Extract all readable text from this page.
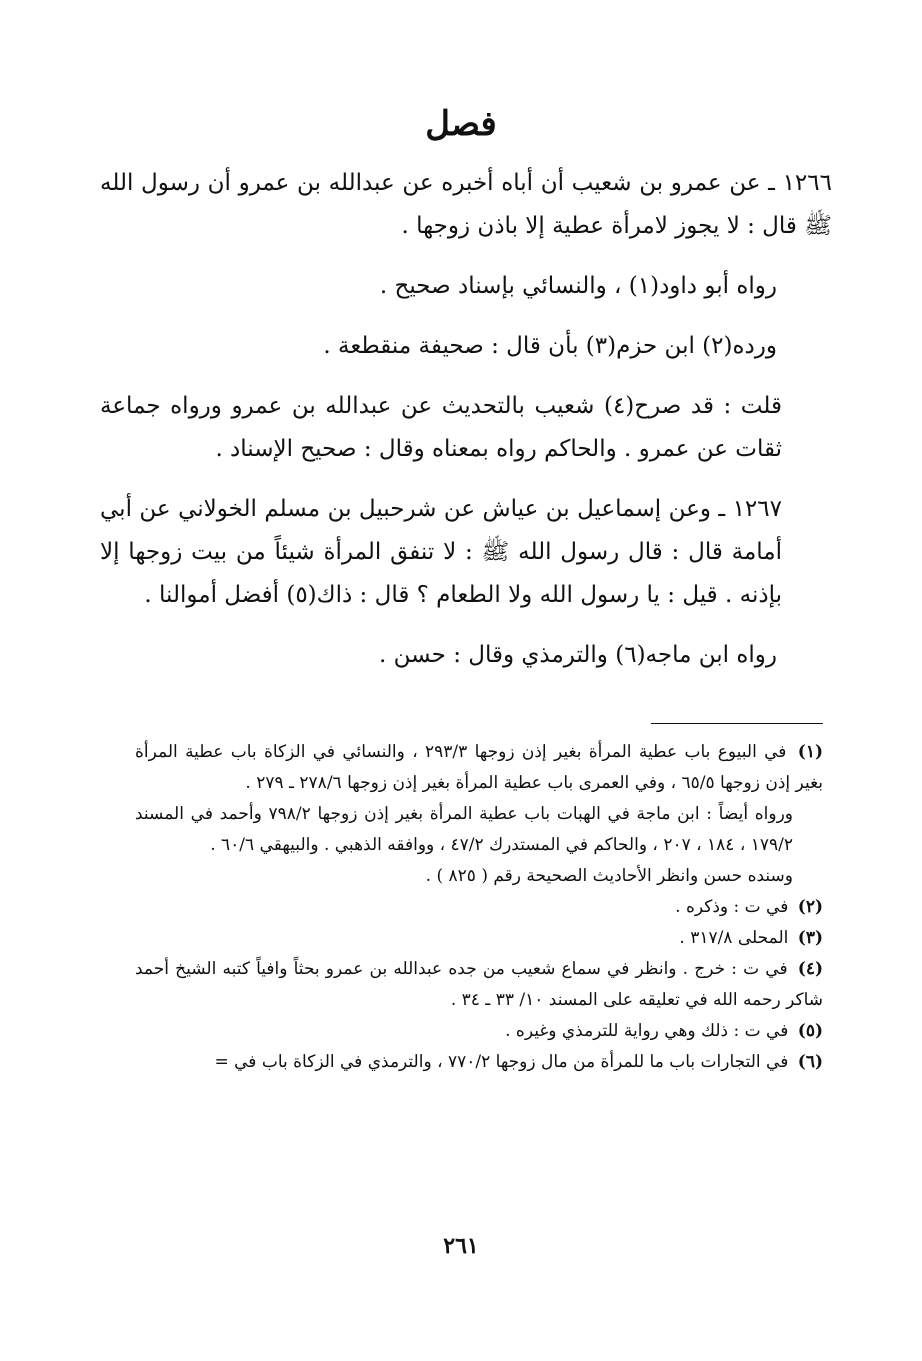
فصل

١٢٦٦ ـ عن عمرو بن شعيب أن أباه أخبره عن عبدالله بن عمرو أن رسول الله ﷺ قال : لا يجوز لامرأة عطية إلا باذن زوجها .

رواه أبو داود(١) ، والنسائي بإسناد صحيح .

ورده(٢) ابن حزم(٣) بأن قال : صحيفة منقطعة .

قلت : قد صرح(٤) شعيب بالتحديث عن عبدالله بن عمرو ورواه جماعة ثقات عن عمرو . والحاكم رواه بمعناه وقال : صحيح الإسناد .

١٢٦٧ ـ وعن إسماعيل بن عياش عن شرحبيل بن مسلم الخولاني عن أبي أمامة قال : قال رسول الله ﷺ : لا تنفق المرأة شيئاً من بيت زوجها إلا بإذنه . قيل : يا رسول الله ولا الطعام ؟ قال : ذاك(٥) أفضل أموالنا .

رواه ابن ماجه(٦) والترمذي وقال : حسن .

(١) في البيوع باب عطية المرأة بغير إذن زوجها ٢٩٣/٣ ، والنسائي في الزكاة باب عطية المرأة بغير إذن زوجها ٦٥/٥ ، وفي العمرى باب عطية المرأة بغير إذن زوجها ٢٧٨/٦ ـ ٢٧٩ .

ورواه أيضاً : ابن ماجة في الهبات باب عطية المرأة بغير إذن زوجها ٧٩٨/٢ وأحمد في المسند ١٧٩/٢ ، ١٨٤ ، ٢٠٧ ، والحاكم في المستدرك ٤٧/٢ ، ووافقه الذهبي . والبيهقي ٦٠/٦ .

وسنده حسن وانظر الأحاديث الصحيحة رقم ( ٨٢٥ ) .

(٢) في ت : وذكره .

(٣) المحلى ٣١٧/٨ .

(٤) في ت : خرج . وانظر في سماع شعيب من جده عبدالله بن عمرو بحثاً وافياً كتبه الشيخ أحمد شاكر رحمه الله في تعليقه على المسند ١٠/ ٣٣ ـ ٣٤ .

(٥) في ت : ذلك وهي رواية للترمذي وغيره .

(٦) في التجارات باب ما للمرأة من مال زوجها ٧٧٠/٢ ، والترمذي في الزكاة باب في =

٢٦١
